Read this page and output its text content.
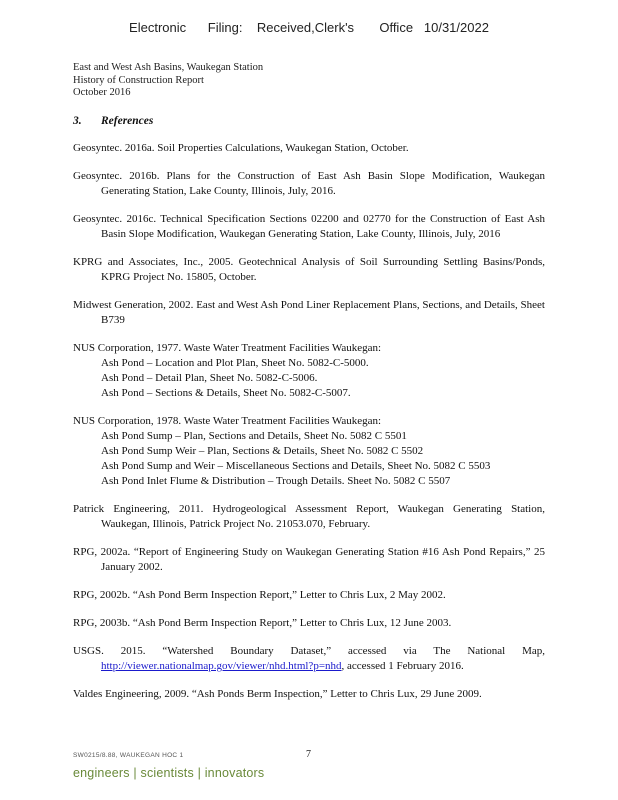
Electronic      Filing:    Received,Clerk's       Office   10/31/2022
East and West Ash Basins, Waukegan Station
History of Construction Report
October 2016
3. References
Geosyntec. 2016a. Soil Properties Calculations, Waukegan Station, October.
Geosyntec. 2016b. Plans for the Construction of East Ash Basin Slope Modification, Waukegan Generating Station, Lake County, Illinois, July, 2016.
Geosyntec. 2016c. Technical Specification Sections 02200 and 02770 for the Construction of East Ash Basin Slope Modification, Waukegan Generating Station, Lake County, Illinois, July, 2016
KPRG and Associates, Inc., 2005. Geotechnical Analysis of Soil Surrounding Settling Basins/Ponds, KPRG Project No. 15805, October.
Midwest Generation, 2002. East and West Ash Pond Liner Replacement Plans, Sections, and Details, Sheet B739
NUS Corporation, 1977. Waste Water Treatment Facilities Waukegan:
Ash Pond – Location and Plot Plan, Sheet No. 5082-C-5000.
Ash Pond – Detail Plan, Sheet No. 5082-C-5006.
Ash Pond – Sections & Details, Sheet No. 5082-C-5007.
NUS Corporation, 1978. Waste Water Treatment Facilities Waukegan:
Ash Pond Sump – Plan, Sections and Details, Sheet No. 5082 C 5501
Ash Pond Sump Weir – Plan, Sections & Details, Sheet No. 5082 C 5502
Ash Pond Sump and Weir – Miscellaneous Sections and Details, Sheet No. 5082 C 5503
Ash Pond Inlet Flume & Distribution – Trough Details. Sheet No. 5082 C 5507
Patrick Engineering, 2011. Hydrogeological Assessment Report, Waukegan Generating Station, Waukegan, Illinois, Patrick Project No. 21053.070, February.
RPG, 2002a. “Report of Engineering Study on Waukegan Generating Station #16 Ash Pond Repairs,” 25 January 2002.
RPG, 2002b. “Ash Pond Berm Inspection Report,” Letter to Chris Lux, 2 May 2002.
RPG, 2003b. “Ash Pond Berm Inspection Report,” Letter to Chris Lux, 12 June 2003.
USGS. 2015. “Watershed Boundary Dataset,” accessed via The National Map, http://viewer.nationalmap.gov/viewer/nhd.html?p=nhd, accessed 1 February 2016.
Valdes Engineering, 2009. “Ash Ponds Berm Inspection,” Letter to Chris Lux, 29 June 2009.
SW0215/8.88, WAUKEGAN HOC 1	7
engineers | scientists | innovators
